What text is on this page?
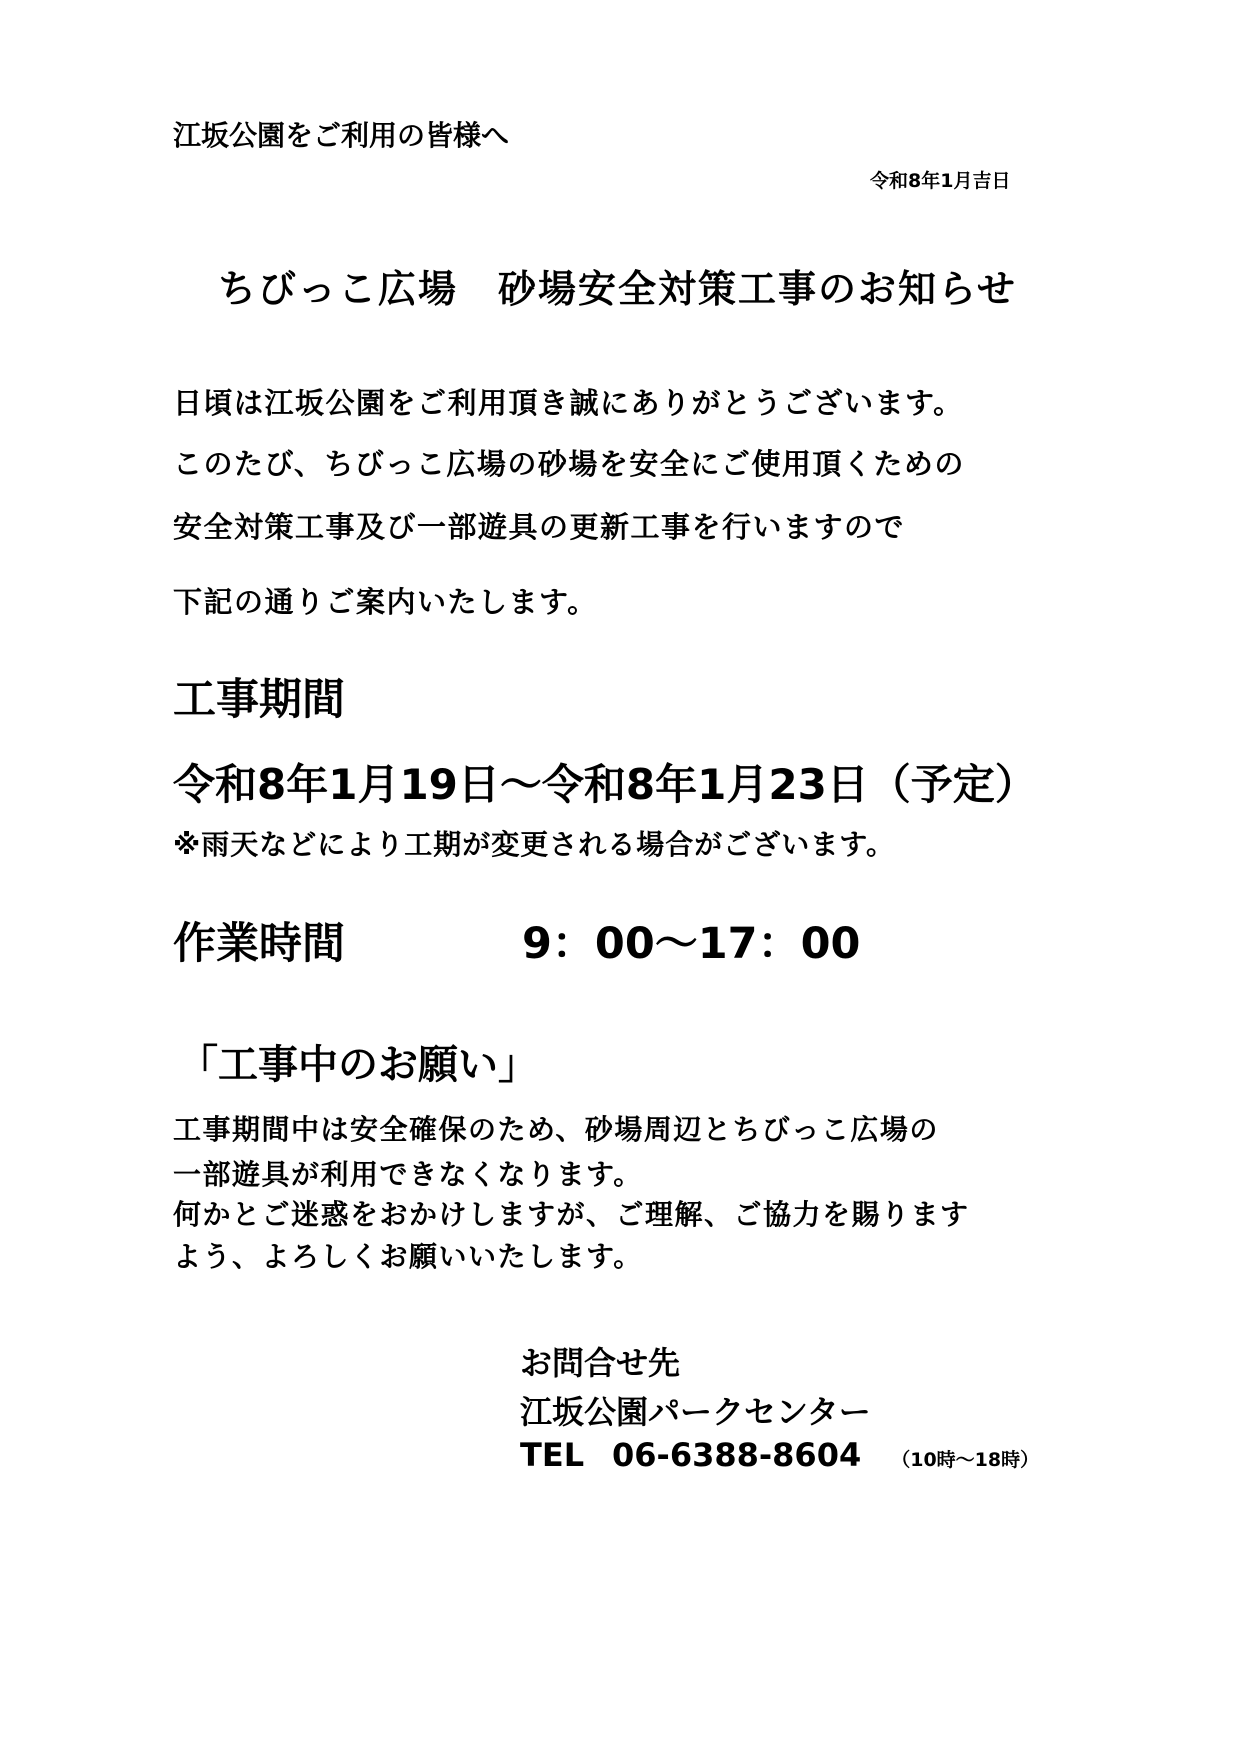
江坂公園をご利用の皆様へ
令和8年1月吉日
ちびっこ広場　砂場安全対策工事のお知らせ
日頃は江坂公園をご利用頂き誠にありがとうございます。
このたび、ちびっこ広場の砂場を安全にご使用頂くための
安全対策工事及び一部遊具の更新工事を行いますので
下記の通りご案内いたします。
工事期間
令和8年1月19日～令和8年1月23日（予定）
※雨天などにより工期が変更される場合がございます。
作業時間	9：00～17：00
「工事中のお願い」
工事期間中は安全確保のため、砂場周辺とちびっこ広場の
一部遊具が利用できなくなります。
何かとご迷惑をおかけしますが、ご理解、ご協力を賜ります
よう、よろしくお願いいたします。
お問合せ先
江坂公園パークセンター
TEL 06-6388-8604 （10時～18時）
